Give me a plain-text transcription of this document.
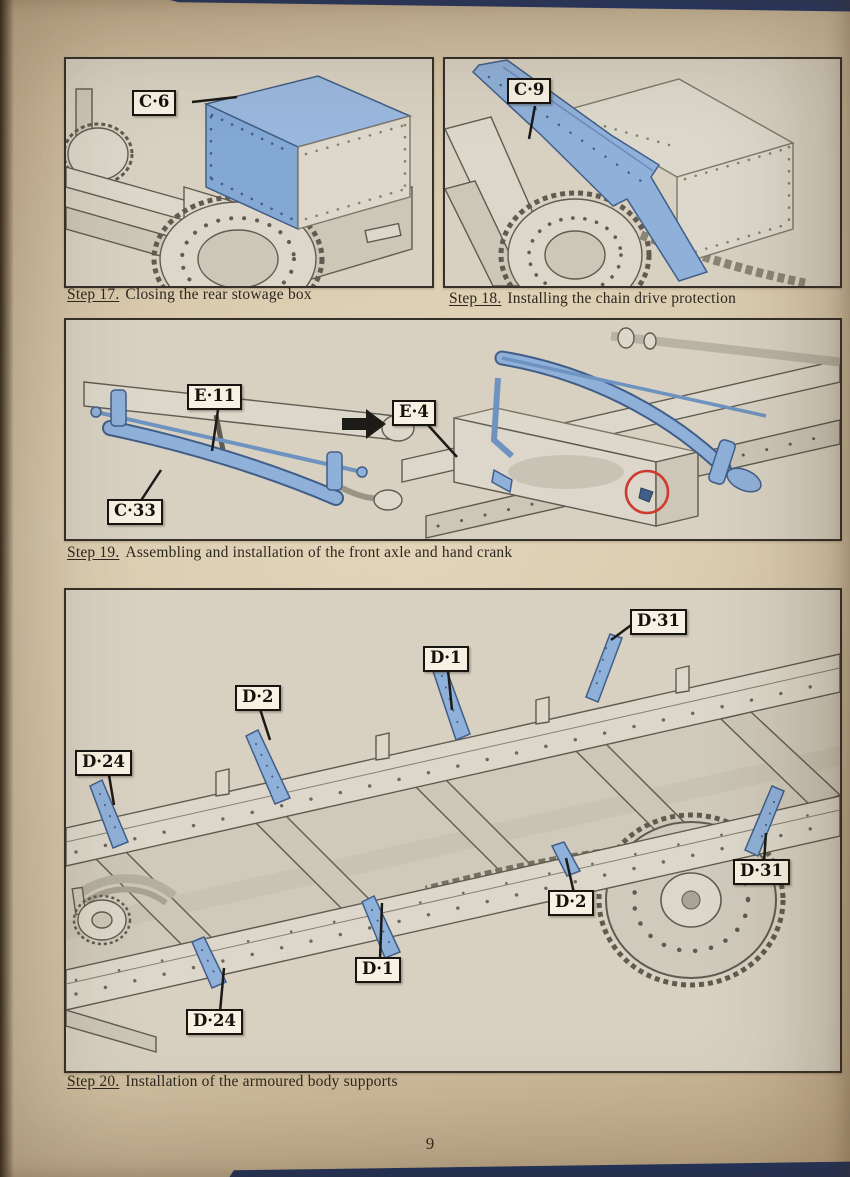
C·6
C·9
E·11
C·33
E·4
D·31
D·1
D·2
D·24
D·31
D·2
D·1
D·24
Step 17. Closing the rear stowage box	Step 18. Installing the chain drive protection
Step 19. Assembling and installation of the front axle and hand crank
Step 20. Installation of the armoured body supports
9
